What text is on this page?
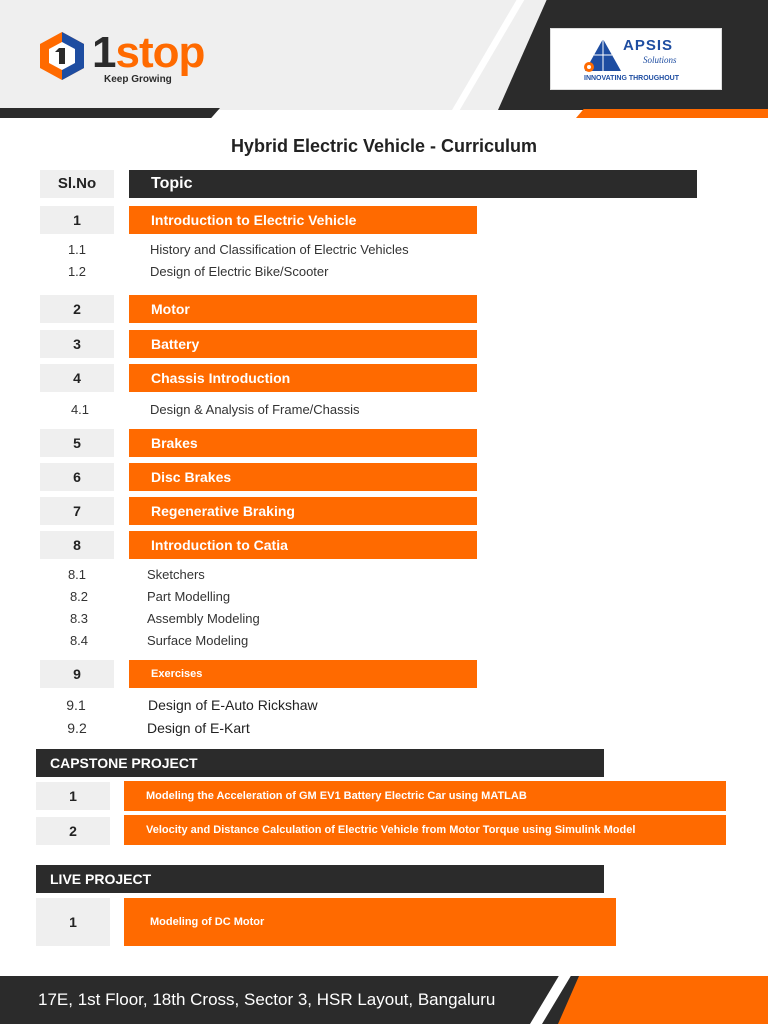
1stop
Keep Growing
APSIS
Solutions
INNOVATING THROUGHOUT
Hybrid Electric Vehicle - Curriculum
Sl.No	Topic
1	Introduction to Electric Vehicle
1.1	History and Classification of Electric Vehicles
1.2	Design of Electric Bike/Scooter
2	Motor
3	Battery
4	Chassis Introduction
4.1	Design & Analysis of Frame/Chassis
5	Brakes
6	Disc Brakes
7	Regenerative Braking
8	Introduction to Catia
8.1	Sketchers
8.2	Part Modelling
8.3	Assembly Modeling
8.4	Surface Modeling
9	Exercises
9.1	Design of E-Auto Rickshaw
9.2	Design of E-Kart
CAPSTONE PROJECT
1	Modeling the Acceleration of GM EV1 Battery Electric Car using MATLAB
2	Velocity and Distance Calculation of Electric Vehicle from Motor Torque using Simulink Model
LIVE PROJECT
1	Modeling of DC Motor
17E, 1st Floor, 18th Cross, Sector 3, HSR Layout, Bangaluru
